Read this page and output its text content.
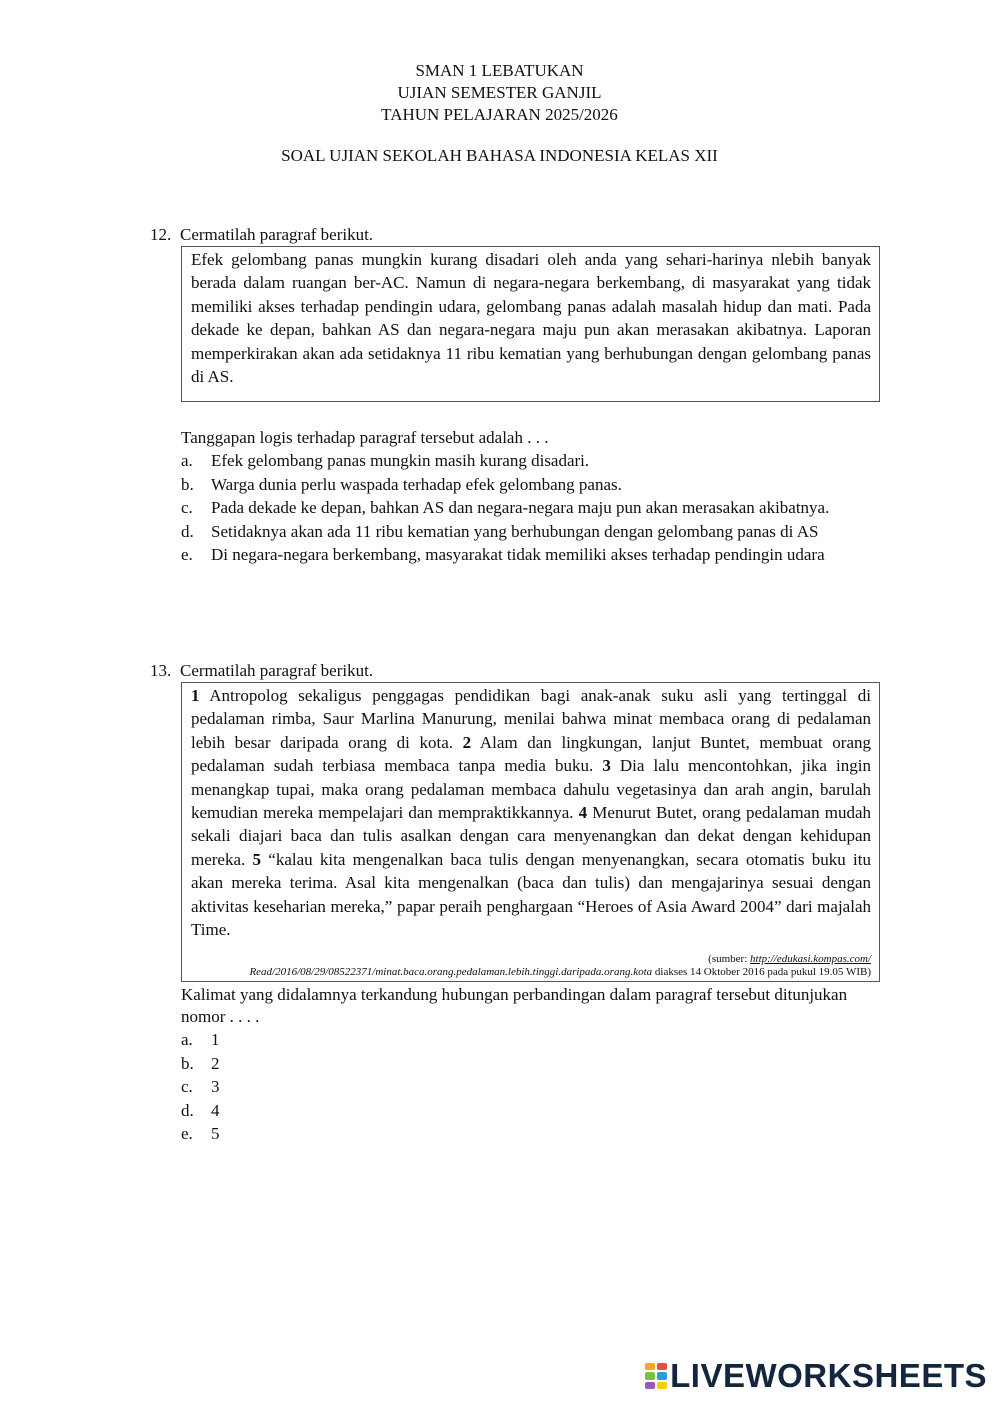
SMAN 1 LEBATUKAN
UJIAN SEMESTER GANJIL
TAHUN PELAJARAN 2025/2026
SOAL UJIAN SEKOLAH BAHASA INDONESIA KELAS XII
12. Cermatilah paragraf berikut.
Efek gelombang panas mungkin kurang disadari oleh anda yang sehari-harinya nlebih banyak berada dalam ruangan ber-AC. Namun di negara-negara berkembang, di masyarakat yang tidak memiliki akses terhadap pendingin udara, gelombang panas adalah masalah hidup dan mati. Pada dekade ke depan, bahkan AS dan negara-negara maju pun akan merasakan akibatnya. Laporan memperkirakan akan ada setidaknya 11 ribu kematian yang berhubungan dengan gelombang panas di AS.
Tanggapan logis terhadap paragraf tersebut adalah . . .
a.	Efek gelombang panas mungkin masih kurang disadari.
b.	Warga dunia perlu waspada terhadap efek gelombang panas.
c.	Pada dekade ke depan, bahkan AS dan negara-negara maju pun akan merasakan akibatnya.
d.	Setidaknya akan ada 11 ribu kematian yang berhubungan dengan gelombang panas di AS
e.	Di negara-negara berkembang, masyarakat tidak memiliki akses terhadap pendingin udara
13. Cermatilah paragraf berikut.
1 Antropolog sekaligus penggagas pendidikan bagi anak-anak suku asli yang tertinggal di pedalaman rimba, Saur Marlina Manurung, menilai bahwa minat membaca orang di pedalaman lebih besar daripada orang di kota. 2 Alam dan lingkungan, lanjut Buntet, membuat orang pedalaman sudah terbiasa membaca tanpa media buku. 3 Dia lalu mencontohkan, jika ingin menangkap tupai, maka orang pedalaman membaca dahulu vegetasinya dan arah angin, barulah kemudian mereka mempelajari dan mempraktikkannya. 4 Menurut Butet, orang pedalaman mudah sekali diajari baca dan tulis asalkan dengan cara menyenangkan dan dekat dengan kehidupan mereka. 5 “kalau kita mengenalkan baca tulis dengan menyenangkan, secara otomatis buku itu akan mereka terima. Asal kita mengenalkan (baca dan tulis) dan mengajarinya sesuai dengan aktivitas keseharian mereka,” papar peraih penghargaan “Heroes of Asia Award 2004” dari majalah Time.
(sumber: http://edukasi.kompas.com/
Read/2016/08/29/08522371/minat.baca.orang.pedalaman.lebih.tinggi.daripada.orang.kota diakses 14 Oktober 2016 pada pukul 19.05 WIB)
Kalimat yang didalamnya terkandung hubungan perbandingan dalam paragraf tersebut ditunjukan nomor . . . .
a.	1
b.	2
c.	3
d.	4
e.	5
LIVEWORKSHEETS
